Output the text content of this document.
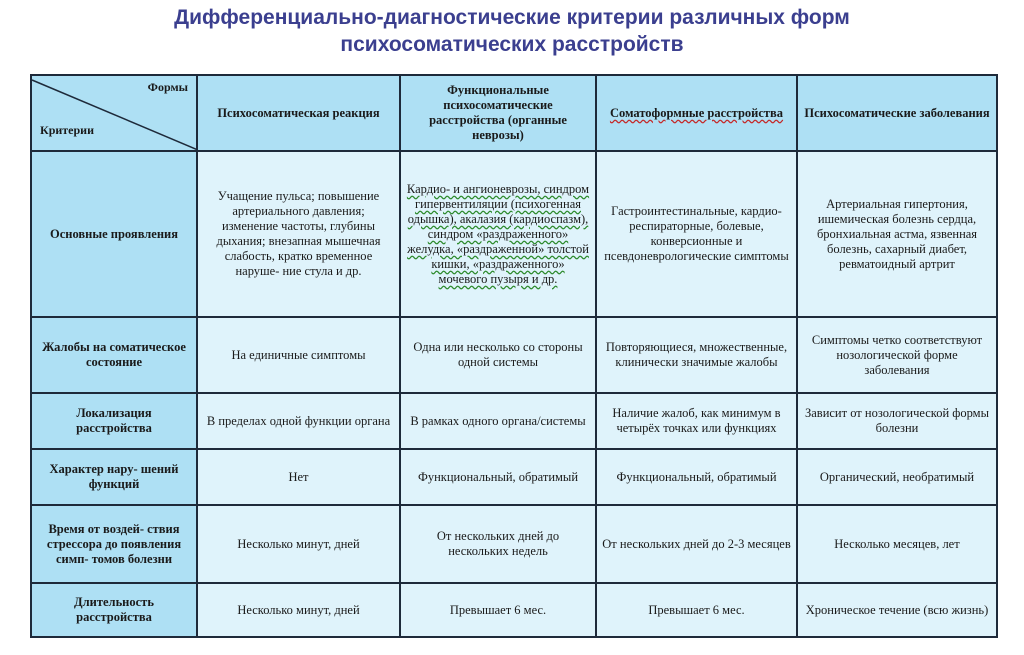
Дифференциально-диагностические критерии различных форм
психосоматических расстройств
Формы
Критерии	Психосоматическая реакция	Функциональные психосоматические расстройства (органные неврозы)	Соматоформные расстройства	Психосоматические заболевания
Основные проявления	Учащение пульса; повышение артериального давления; изменение частоты, глубины дыхания; внезапная мышечная слабость, кратко временное наруше- ние стула и др.	Кардио- и ангионеврозы, синдром гипервентиляции (психогенная одышка), акалазия (кардиоспазм), синдром «раздраженного» желудка, «раздраженной» толстой кишки, «раздраженного» мочевого пузыря и др.	Гастроинтестинальные, кардио-респираторные, болевые, конверсионные и псевдоневрологические симптомы	Артериальная гипертония, ишемическая болезнь сердца, бронхиальная астма, язвенная болезнь, сахарный диабет, ревматоидный артрит
Жалобы на соматическое состояние	На единичные симптомы	Одна или несколько со стороны одной системы	Повторяющиеся, множественные, клинически значимые жалобы	Симптомы четко соответствуют нозологической форме заболевания
Локализация расстройства	В пределах одной функции органа	В рамках одного органа/системы	Наличие жалоб, как минимум в четырёх точках или функциях	Зависит от нозологической формы болезни
Характер нару- шений функций	Нет	Функциональный, обратимый	Функциональный, обратимый	Органический, необратимый
Время от воздей- ствия стрессора до появления симп- томов болезни	Несколько минут, дней	От нескольких дней до нескольких недель	От нескольких дней до 2-3 месяцев	Несколько месяцев, лет
Длительность расстройства	Несколько минут, дней	Превышает 6 мес.	Превышает 6 мес.	Хроническое течение (всю жизнь)
